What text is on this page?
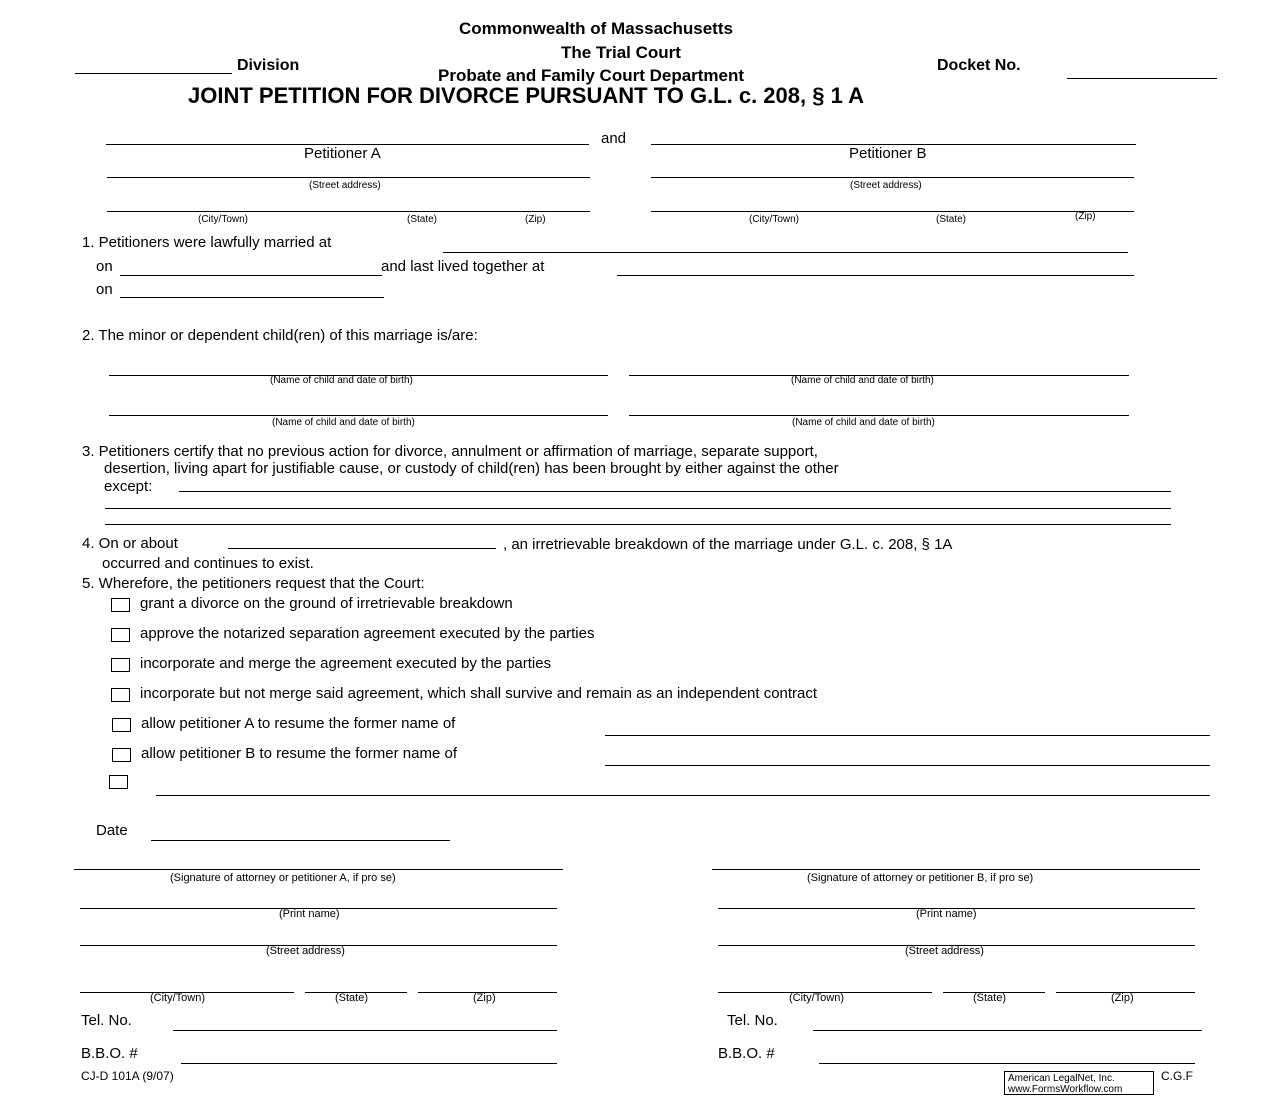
Commonwealth of Massachusetts
The Trial Court
Probate and Family Court Department
Division	Docket No.
JOINT PETITION FOR DIVORCE PURSUANT TO G.L. c. 208, § 1 A
and
Petitioner A	Petitioner B
(Street address)	(Street address)
(City/Town)	(State)	(Zip)	(City/Town)	(State)	(Zip)
1. Petitioners were lawfully married at
on	and last lived together at
on
2. The minor or dependent child(ren) of this marriage is/are:
(Name of child and date of birth)	(Name of child and date of birth)
(Name of child and date of birth)	(Name of child and date of birth)
3. Petitioners certify that no previous action for divorce, annulment or affirmation of marriage, separate support,
desertion, living apart for justifiable cause, or custody of child(ren) has been brought by either against the other
except:
4. On or about	, an irretrievable breakdown of the marriage under G.L. c. 208, § 1A
occurred and continues to exist.
5. Wherefore, the petitioners request that the Court:
grant a divorce on the ground of irretrievable breakdown
approve the notarized separation agreement executed by the parties
incorporate and merge the agreement executed by the parties
incorporate but not merge said agreement, which shall survive and remain as an independent contract
allow petitioner A to resume the former name of
allow petitioner B to resume the former name of
Date
(Signature of attorney or petitioner A, if pro se)
(Print name)
(Street address)
(City/Town)	(State)	(Zip)
Tel. No.
B.B.O. #
(Signature of attorney or petitioner B, if pro se)
(Print name)
(Street address)
(City/Town)	(State)	(Zip)
Tel. No.
B.B.O. #
CJ-D 101A (9/07)	American LegalNet, Inc.
www.FormsWorkflow.com
C.G.F
